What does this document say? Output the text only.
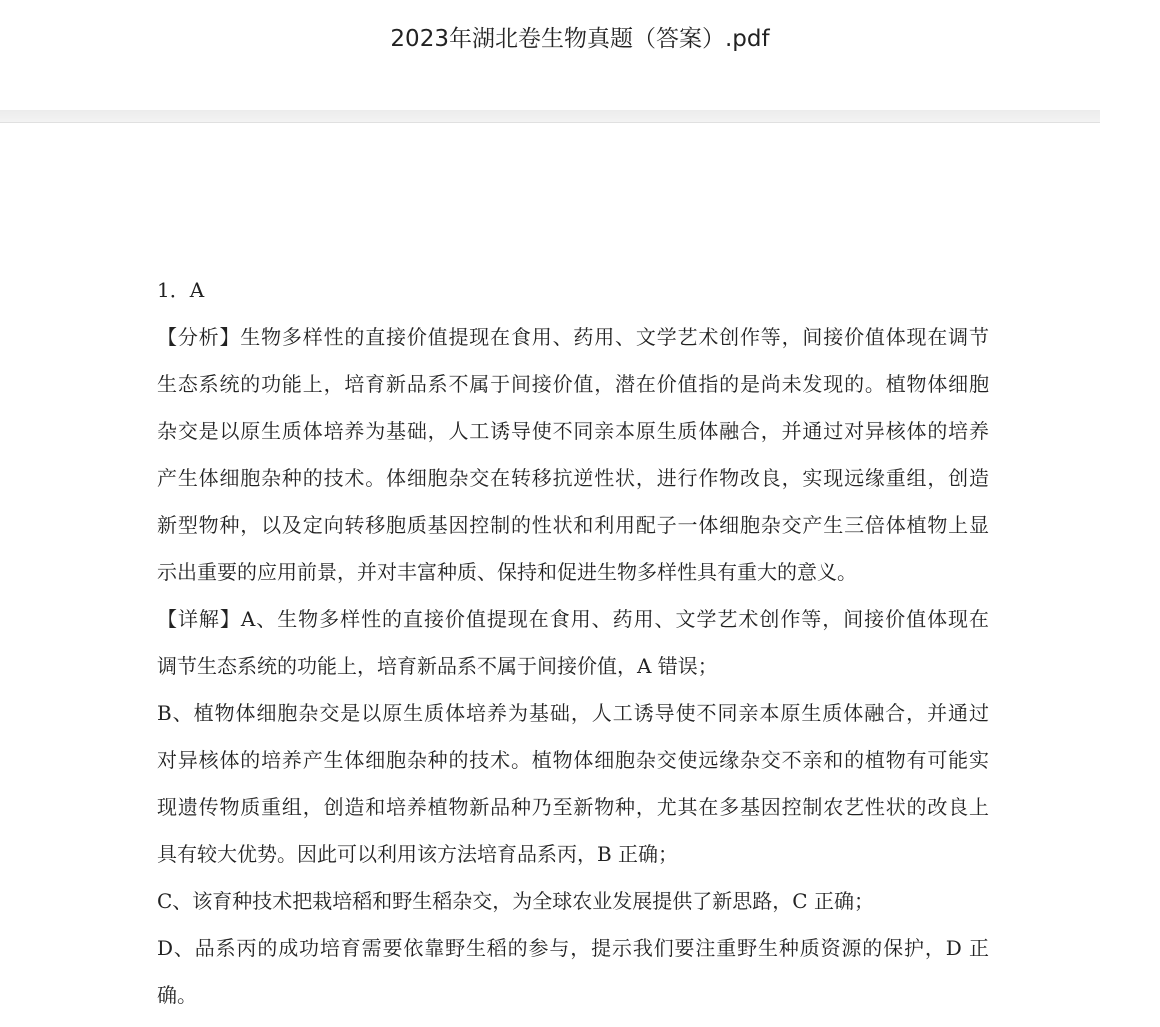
2023年湖北卷生物真题（答案）.pdf
1．A
【分析】生物多样性的直接价值提现在食用、药用、文学艺术创作等，间接价值体现在调节
生态系统的功能上，培育新品系不属于间接价值，潜在价值指的是尚未发现的。植物体细胞
杂交是以原生质体培养为基础，人工诱导使不同亲本原生质体融合，并通过对异核体的培养
产生体细胞杂种的技术。体细胞杂交在转移抗逆性状，进行作物改良，实现远缘重组，创造
新型物种，以及定向转移胞质基因控制的性状和利用配子一体细胞杂交产生三倍体植物上显
示出重要的应用前景，并对丰富种质、保持和促进生物多样性具有重大的意义。
【详解】A、生物多样性的直接价值提现在食用、药用、文学艺术创作等，间接价值体现在
调节生态系统的功能上，培育新品系不属于间接价值，A 错误；
B、植物体细胞杂交是以原生质体培养为基础，人工诱导使不同亲本原生质体融合，并通过
对异核体的培养产生体细胞杂种的技术。植物体细胞杂交使远缘杂交不亲和的植物有可能实
现遗传物质重组，创造和培养植物新品种乃至新物种，尤其在多基因控制农艺性状的改良上
具有较大优势。因此可以利用该方法培育品系丙，B 正确；
C、该育种技术把栽培稻和野生稻杂交，为全球农业发展提供了新思路，C 正确；
D、品系丙的成功培育需要依靠野生稻的参与，提示我们要注重野生种质资源的保护，D 正
确。
